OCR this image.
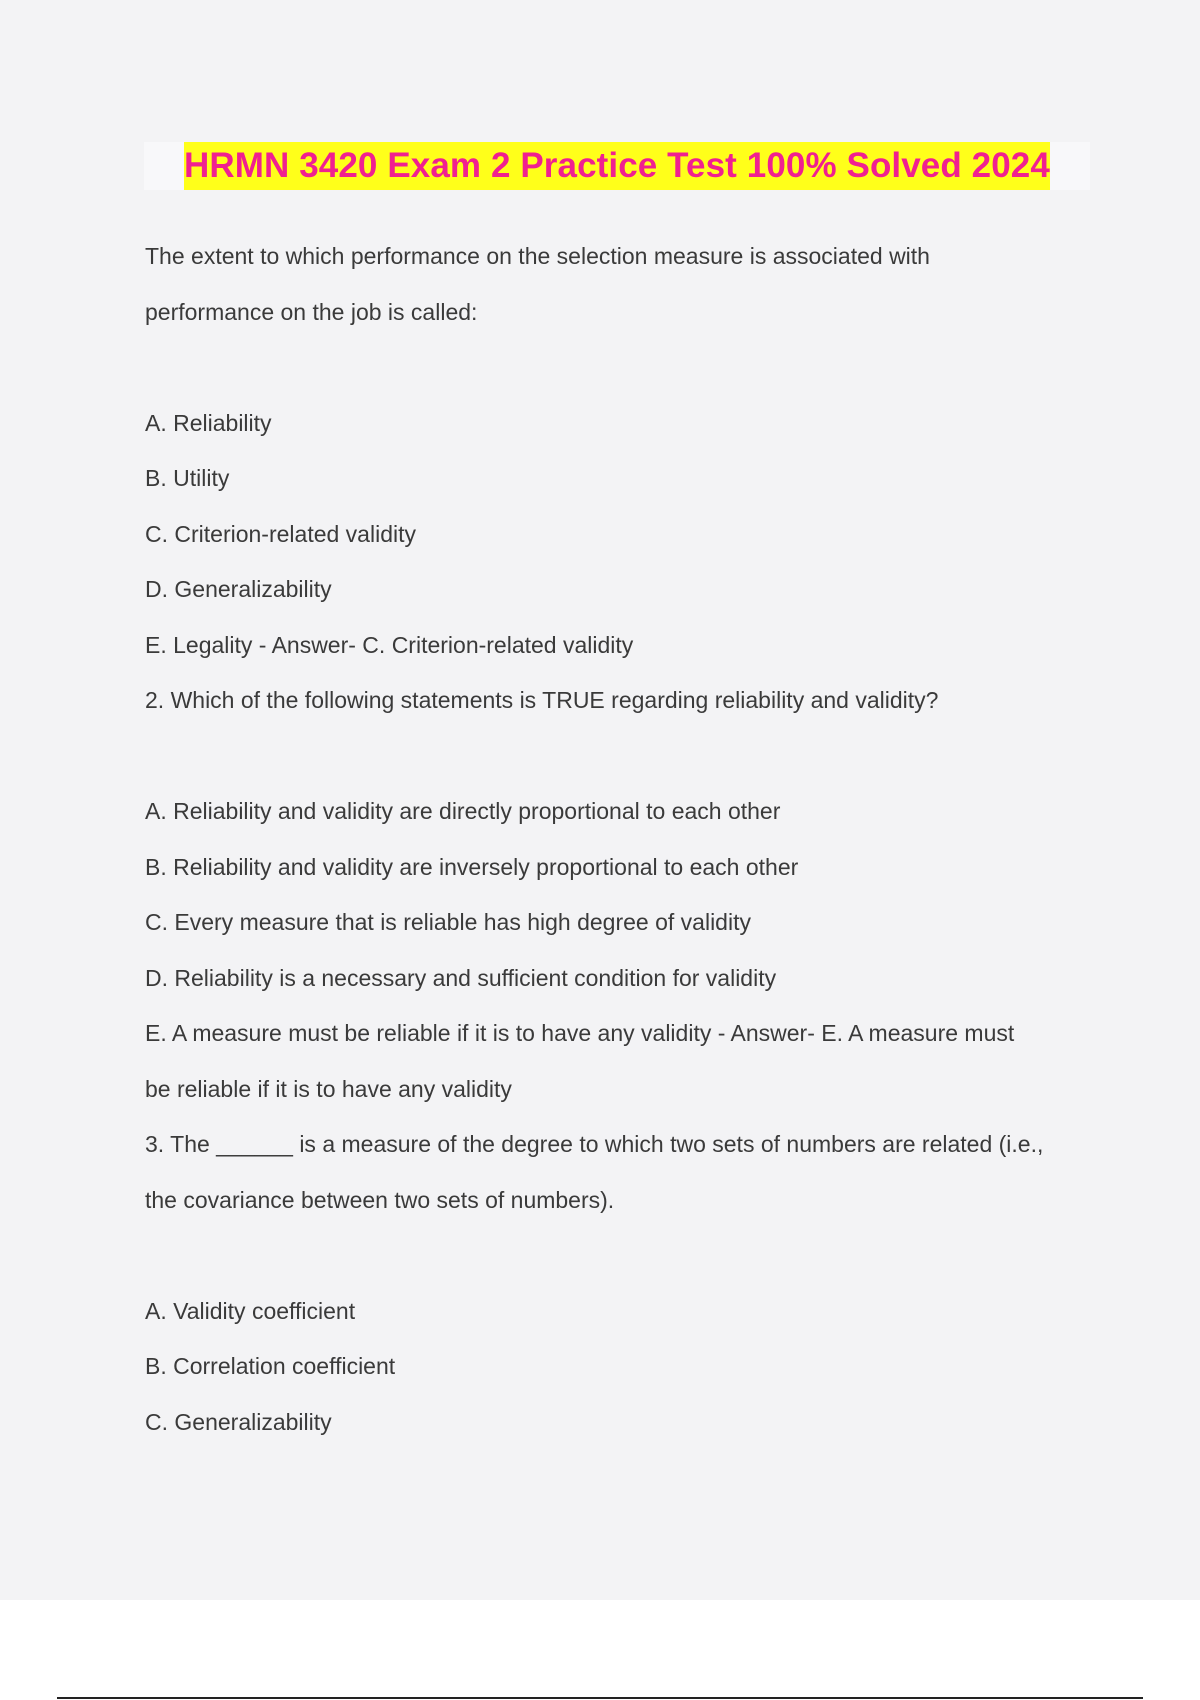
HRMN 3420 Exam 2 Practice Test 100% Solved 2024
The extent to which performance on the selection measure is associated with
performance on the job is called:
A. Reliability
B. Utility
C. Criterion-related validity
D. Generalizability
E. Legality - Answer- C. Criterion-related validity
2. Which of the following statements is TRUE regarding reliability and validity?
A. Reliability and validity are directly proportional to each other
B. Reliability and validity are inversely proportional to each other
C. Every measure that is reliable has high degree of validity
D. Reliability is a necessary and sufficient condition for validity
E. A measure must be reliable if it is to have any validity - Answer- E. A measure must
be reliable if it is to have any validity
3. The ______ is a measure of the degree to which two sets of numbers are related (i.e.,
the covariance between two sets of numbers).
A. Validity coefficient
B. Correlation coefficient
C. Generalizability
